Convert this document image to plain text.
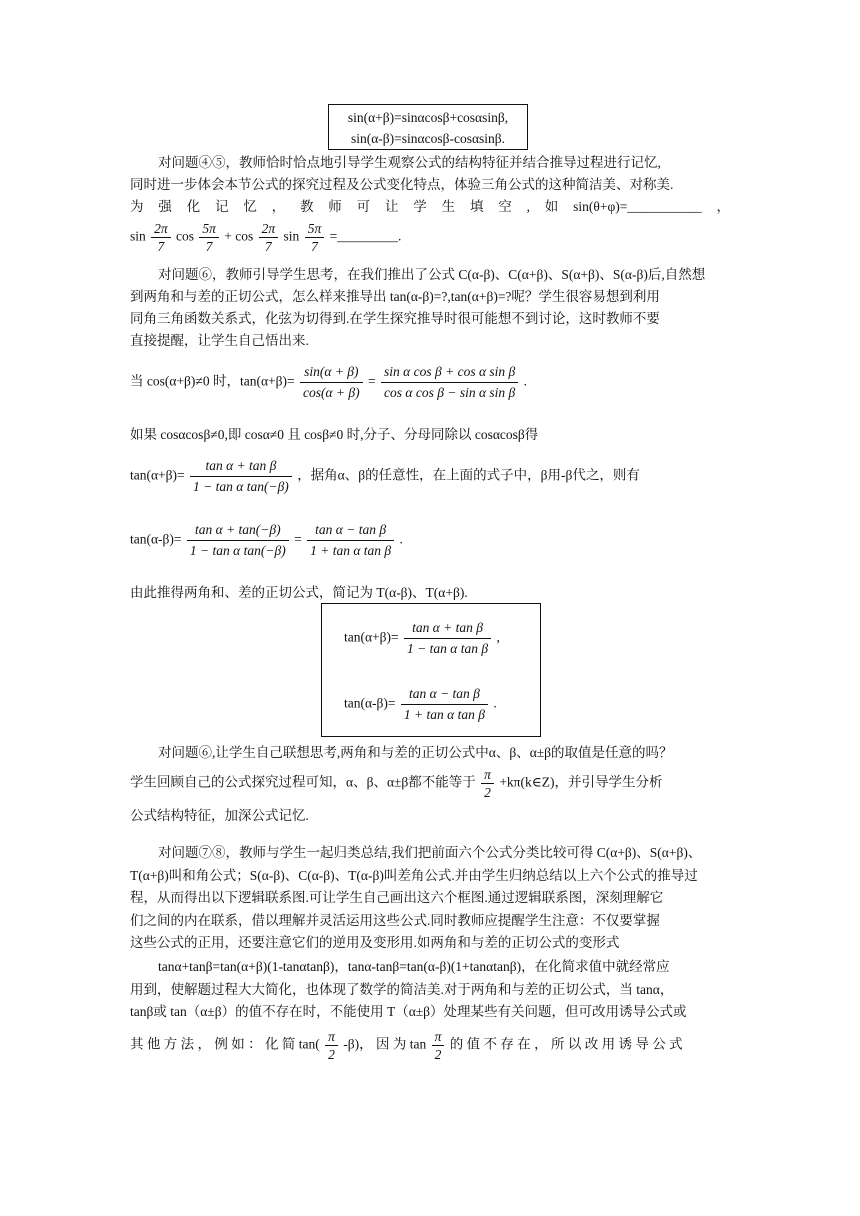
sin(α+β)=sinαcosβ+cosαsinβ,
sin(α-β)=sinαcosβ-cosαsinβ.
对问题④⑤，教师恰时恰点地引导学生观察公式的结构特征并结合推导过程进行记忆,
同时进一步体会本节公式的探究过程及公式变化特点，体验三角公式的这种简洁美、对称美.
为 强 化 记 忆 ， 教 师 可 让 学 生 填 空 , 如 sin(θ+φ)=___________ ，
$\sin \frac{2\pi}{7}$ $\cos \frac{5\pi}{7} + \cos \frac{2\pi}{7}$ $\sin \frac{5\pi}{7}$ =_________.
对问题⑥，教师引导学生思考，在我们推出了公式 C(α-β)、C(α+β)、S(α+β)、S(α-β)后,自然想
到两角和与差的正切公式，怎么样来推导出 tan(α-β)=?,tan(α+β)=?呢？学生很容易想到利用
同角三角函数关系式，化弦为切得到.在学生探究推导时很可能想不到讨论，这时教师不要
直接提醒，让学生自己悟出来.
当 cos(α+β)≠0 时，$\tan(\alpha+\beta)= \frac{\sin(\alpha + \beta)}{\cos(\alpha + \beta)} = \frac{\text{sin α cos β + cos α sin β}}{\text{cos α cos β − sin α sin β}}$ .
如果 cosαcosβ≠0,即 cosα≠0 且 cosβ≠0 时,分子、分母同除以 cosαcosβ得
$\tan(\alpha+\beta)= \frac{\text{tan α + tan β}}{\text{1 − tan α tan(−β)}}$ ，据角α、β的任意性，在上面的式子中，β用-β代之，则有
$\tan(\alpha-\beta)= \frac{\text{tan α + tan(−β)}}{\text{1 − tan α tan(−β)}} = \frac{\text{tan α − tan β}}{\text{1 + tan α tan β}}$ .
由此推得两角和、差的正切公式，简记为 T(α-β)、T(α+β).
$\tan(\alpha+\beta)= \frac{\text{tan α + tan β}}{\text{1 − tan α tan β}}$ ,
$\tan(\alpha-\beta)= \frac{\text{tan α − tan β}}{\text{1 + tan α tan β}}$ .
对问题⑥,让学生自己联想思考,两角和与差的正切公式中α、β、α±β的取值是任意的吗？
学生回顾自己的公式探究过程可知，α、β、α±β都不能等于 $\frac{\pi}{2}$ +kπ(k∈Z)，并引导学生分析
公式结构特征，加深公式记忆.
对问题⑦⑧，教师与学生一起归类总结,我们把前面六个公式分类比较可得 C(α+β)、S(α+β)、
T(α+β)叫和角公式；S(α-β)、C(α-β)、T(α-β)叫差角公式.并由学生归纳总结以上六个公式的推导过
程，从而得出以下逻辑联系图.可让学生自己画出这六个框图.通过逻辑联系图，深刻理解它
们之间的内在联系，借以理解并灵活运用这些公式.同时教师应提醒学生注意：不仅要掌握
这些公式的正用，还要注意它们的逆用及变形用.如两角和与差的正切公式的变形式
tanα+tanβ=tan(α+β)(1-tanαtanβ)，tanα-tanβ=tan(α-β)(1+tanαtanβ)，在化简求值中就经常应
用到，使解题过程大大简化，也体现了数学的简洁美.对于两角和与差的正切公式，当 tanα，
tanβ或 tan（α±β）的值不存在时，不能使用 T（α±β）处理某些有关问题，但可改用诱导公式或
其 他 方 法 ， 例 如 ： 化 简 $\tan( \frac{\pi}{2} -\beta)$， 因 为 $\tan \frac{\pi}{2}$ 的 值 不 存 在 ， 所 以 改 用 诱 导 公 式
